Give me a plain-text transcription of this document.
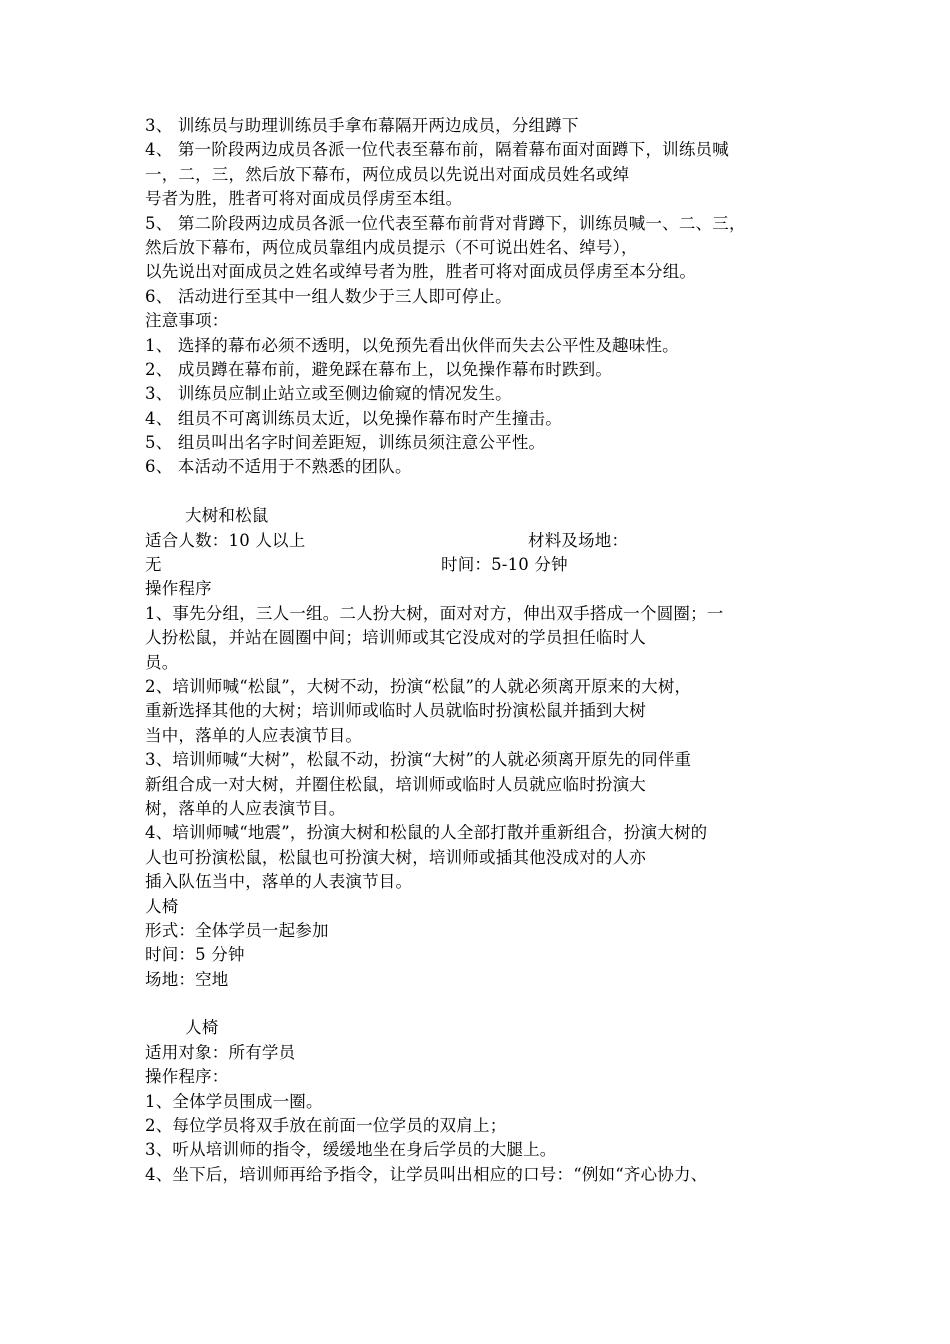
3、 训练员与助理训练员手拿布幕隔开两边成员，分组蹲下
4、 第一阶段两边成员各派一位代表至幕布前，隔着幕布面对面蹲下，训练员喊
一，二，三，然后放下幕布，两位成员以先说出对面成员姓名或绰
号者为胜，胜者可将对面成员俘虏至本组。
5、 第二阶段两边成员各派一位代表至幕布前背对背蹲下，训练员喊一、二、三，
然后放下幕布，两位成员靠组内成员提示（不可说出姓名、绰号），
以先说出对面成员之姓名或绰号者为胜，胜者可将对面成员俘虏至本分组。
6、 活动进行至其中一组人数少于三人即可停止。
注意事项：
1、 选择的幕布必须不透明，以免预先看出伙伴而失去公平性及趣味性。
2、 成员蹲在幕布前，避免踩在幕布上，以免操作幕布时跌到。
3、 训练员应制止站立或至侧边偷窥的情况发生。
4、 组员不可离训练员太近，以免操作幕布时产生撞击。
5、 组员叫出名字时间差距短，训练员须注意公平性。
6、 本活动不适用于不熟悉的团队。
大树和松鼠
适合人数：10 人以上	材料及场地：
无	时间：5-10 分钟
操作程序
1、事先分组，三人一组。二人扮大树，面对对方，伸出双手搭成一个圆圈；一
人扮松鼠，并站在圆圈中间；培训师或其它没成对的学员担任临时人
员。
2、培训师喊“松鼠”，大树不动，扮演“松鼠”的人就必须离开原来的大树，
重新选择其他的大树；培训师或临时人员就临时扮演松鼠并插到大树
当中，落单的人应表演节目。
3、培训师喊“大树”，松鼠不动，扮演“大树”的人就必须离开原先的同伴重
新组合成一对大树，并圈住松鼠，培训师或临时人员就应临时扮演大
树，落单的人应表演节目。
4、培训师喊“地震”，扮演大树和松鼠的人全部打散并重新组合，扮演大树的
人也可扮演松鼠，松鼠也可扮演大树，培训师或插其他没成对的人亦
插入队伍当中，落单的人表演节目。
人椅
形式：全体学员一起参加
时间：5 分钟
场地：空地
人椅
适用对象：所有学员
操作程序：
1、全体学员围成一圈。
2、每位学员将双手放在前面一位学员的双肩上；
3、听从培训师的指令，缓缓地坐在身后学员的大腿上。
4、坐下后，培训师再给予指令，让学员叫出相应的口号：“例如“齐心协力、
